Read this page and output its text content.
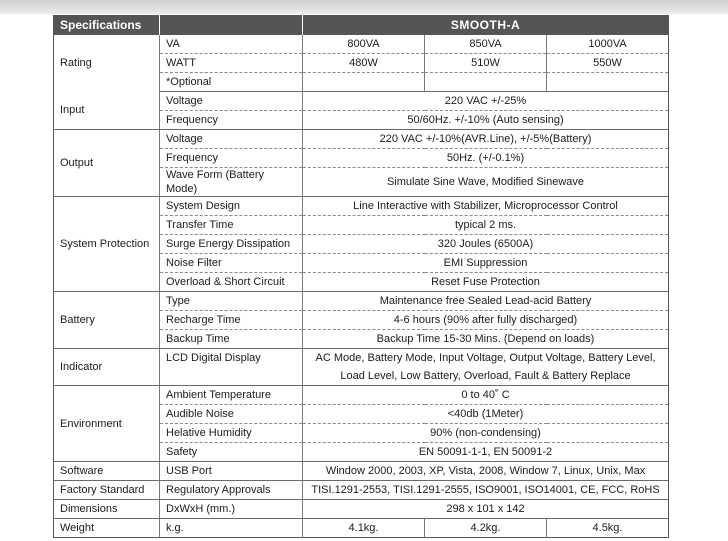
Specifications		SMOOTH-A		
Rating	VA	800VA	850VA	1000VA
	WATT	480W	510W	550W
	*Optional			
Input	Voltage	220 VAC +/-25%		
	Frequency	50/60Hz. +/-10% (Auto sensing)		
Output	Voltage	220 VAC +/-10%(AVR.Line), +/-5%(Battery)		
	Frequency	50Hz. (+/-0.1%)		
	Wave Form (Battery Mode)	Simulate Sine Wave, Modified Sinewave		
System Protection	System Design	Line Interactive with Stabilizer, Microprocessor Control		
	Transfer Time	typical 2 ms.		
	Surge Energy Dissipation	320 Joules (6500A)		
	Noise Filter	EMI Suppression		
	Overload & Short Circuit	Reset Fuse Protection		
Battery	Type	Maintenance free Sealed Lead-acid Battery		
	Recharge Time	4-6 hours (90% after fully discharged)		
	Backup Time	Backup Time 15-30 Mins. (Depend on loads)		
Indicator	LCD Digital Display	AC Mode, Battery Mode, Input Voltage, Output Voltage, Battery Level,
Load Level, Low Battery, Overload, Fault & Battery Replace		
Environment	Ambient Temperature	0 to 40˚ C		
	Audible Noise	<40db (1Meter)		
	Helative Humidity	90% (non-condensing)		
	Safety	EN 50091-1-1, EN 50091-2		
Software	USB Port	Window 2000, 2003, XP, Vista, 2008, Window 7, Linux, Unix, Max		
Factory Standard	Regulatory Approvals	TISI.1291-2553, TISI.1291-2555, ISO9001, ISO14001, CE, FCC, RoHS		
Dimensions	DxWxH (mm.)	298 x 101 x 142		
Weight	k.g.	4.1kg.	4.2kg.	4.5kg.
